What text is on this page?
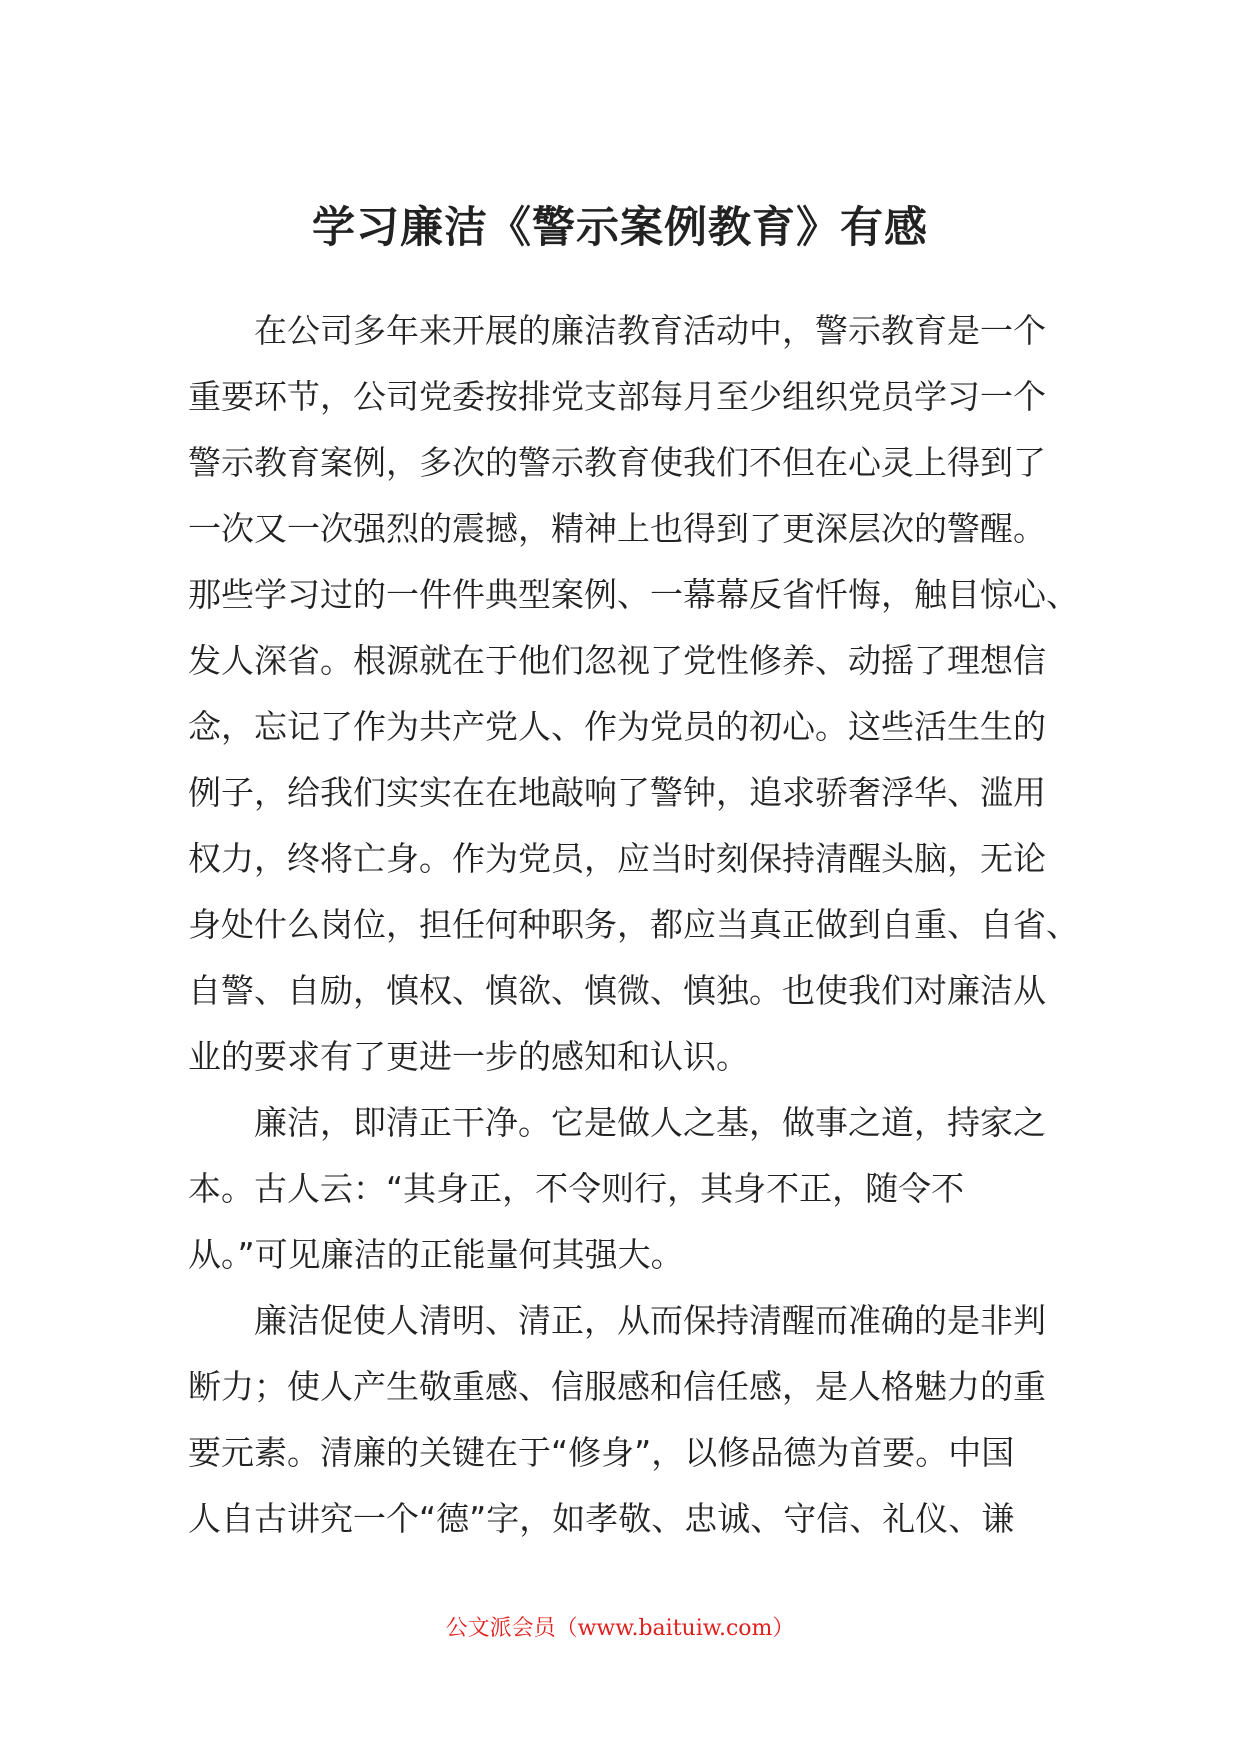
学习廉洁《警示案例教育》有感
在公司多年来开展的廉洁教育活动中，警示教育是一个
重要环节，公司党委按排党支部每月至少组织党员学习一个
警示教育案例，多次的警示教育使我们不但在心灵上得到了
一次又一次强烈的震撼，精神上也得到了更深层次的警醒。
那些学习过的一件件典型案例、一幕幕反省忏悔，触目惊心、
发人深省。根源就在于他们忽视了党性修养、动摇了理想信
念，忘记了作为共产党人、作为党员的初心。这些活生生的
例子，给我们实实在在地敲响了警钟，追求骄奢浮华、滥用
权力，终将亡身。作为党员，应当时刻保持清醒头脑，无论
身处什么岗位，担任何种职务，都应当真正做到自重、自省、
自警、自励，慎权、慎欲、慎微、慎独。也使我们对廉洁从
业的要求有了更进一步的感知和认识。
廉洁，即清正干净。它是做人之基，做事之道，持家之
本。古人云：“其身正，不令则行，其身不正，随令不
从。”可见廉洁的正能量何其强大。
廉洁促使人清明、清正，从而保持清醒而准确的是非判
断力；使人产生敬重感、信服感和信任感，是人格魅力的重
要元素。清廉的关键在于“修身”，以修品德为首要。中国
人自古讲究一个“德”字，如孝敬、忠诚、守信、礼仪、谦
公文派会员（www.baituiw.com）
